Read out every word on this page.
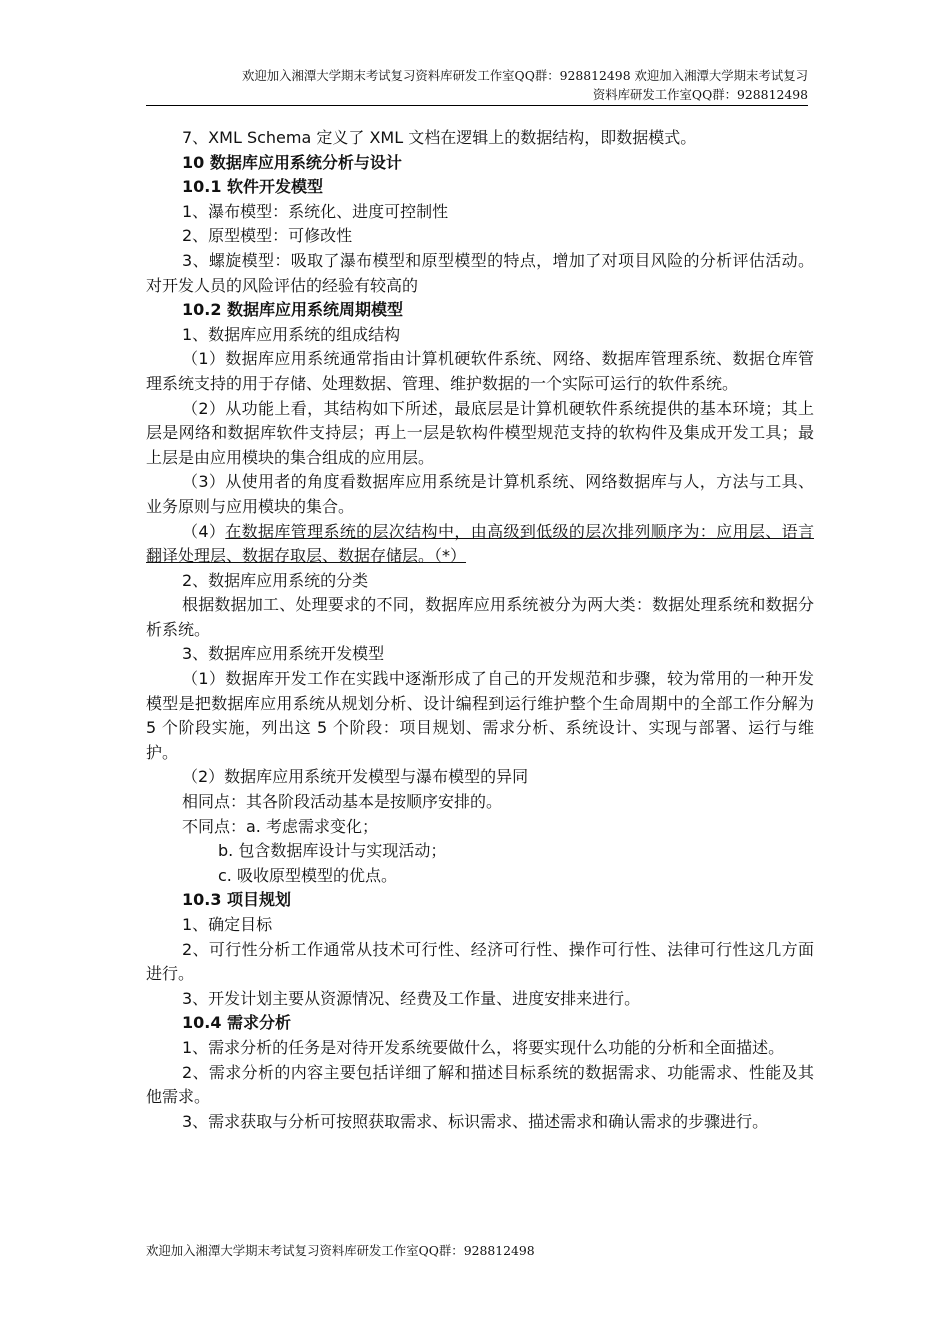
欢迎加入湘潭大学期末考试复习资料库研发工作室QQ群：928812498 欢迎加入湘潭大学期末考试复习
资料库研发工作室QQ群：928812498

7、XML Schema 定义了 XML 文档在逻辑上的数据结构，即数据模式。

10 数据库应用系统分析与设计

10.1 软件开发模型

1、瀑布模型：系统化、进度可控制性

2、原型模型：可修改性

3、螺旋模型：吸取了瀑布模型和原型模型的特点，增加了对项目风险的分析评估活动。对开发人员的风险评估的经验有较高的

10.2 数据库应用系统周期模型

1、数据库应用系统的组成结构

（1）数据库应用系统通常指由计算机硬软件系统、网络、数据库管理系统、数据仓库管理系统支持的用于存储、处理数据、管理、维护数据的一个实际可运行的软件系统。

（2）从功能上看，其结构如下所述，最底层是计算机硬软件系统提供的基本环境；其上层是网络和数据库软件支持层；再上一层是软构件模型规范支持的软构件及集成开发工具；最上层是由应用模块的集合组成的应用层。

（3）从使用者的角度看数据库应用系统是计算机系统、网络数据库与人，方法与工具、业务原则与应用模块的集合。

（4）在数据库管理系统的层次结构中，由高级到低级的层次排列顺序为：应用层、语言翻译处理层、数据存取层、数据存储层。（*）

2、数据库应用系统的分类

根据数据加工、处理要求的不同，数据库应用系统被分为两大类：数据处理系统和数据分析系统。

3、数据库应用系统开发模型

（1）数据库开发工作在实践中逐渐形成了自己的开发规范和步骤，较为常用的一种开发模型是把数据库应用系统从规划分析、设计编程到运行维护整个生命周期中的全部工作分解为 5 个阶段实施，列出这 5 个阶段：项目规划、需求分析、系统设计、实现与部署、运行与维护。

（2）数据库应用系统开发模型与瀑布模型的异同

相同点：其各阶段活动基本是按顺序安排的。

不同点：a. 考虑需求变化；

b. 包含数据库设计与实现活动；

c. 吸收原型模型的优点。

10.3 项目规划

1、确定目标

2、可行性分析工作通常从技术可行性、经济可行性、操作可行性、法律可行性这几方面进行。

3、开发计划主要从资源情况、经费及工作量、进度安排来进行。

10.4 需求分析

1、需求分析的任务是对待开发系统要做什么，将要实现什么功能的分析和全面描述。

2、需求分析的内容主要包括详细了解和描述目标系统的数据需求、功能需求、性能及其他需求。

3、需求获取与分析可按照获取需求、标识需求、描述需求和确认需求的步骤进行。

欢迎加入湘潭大学期末考试复习资料库研发工作室QQ群：928812498
